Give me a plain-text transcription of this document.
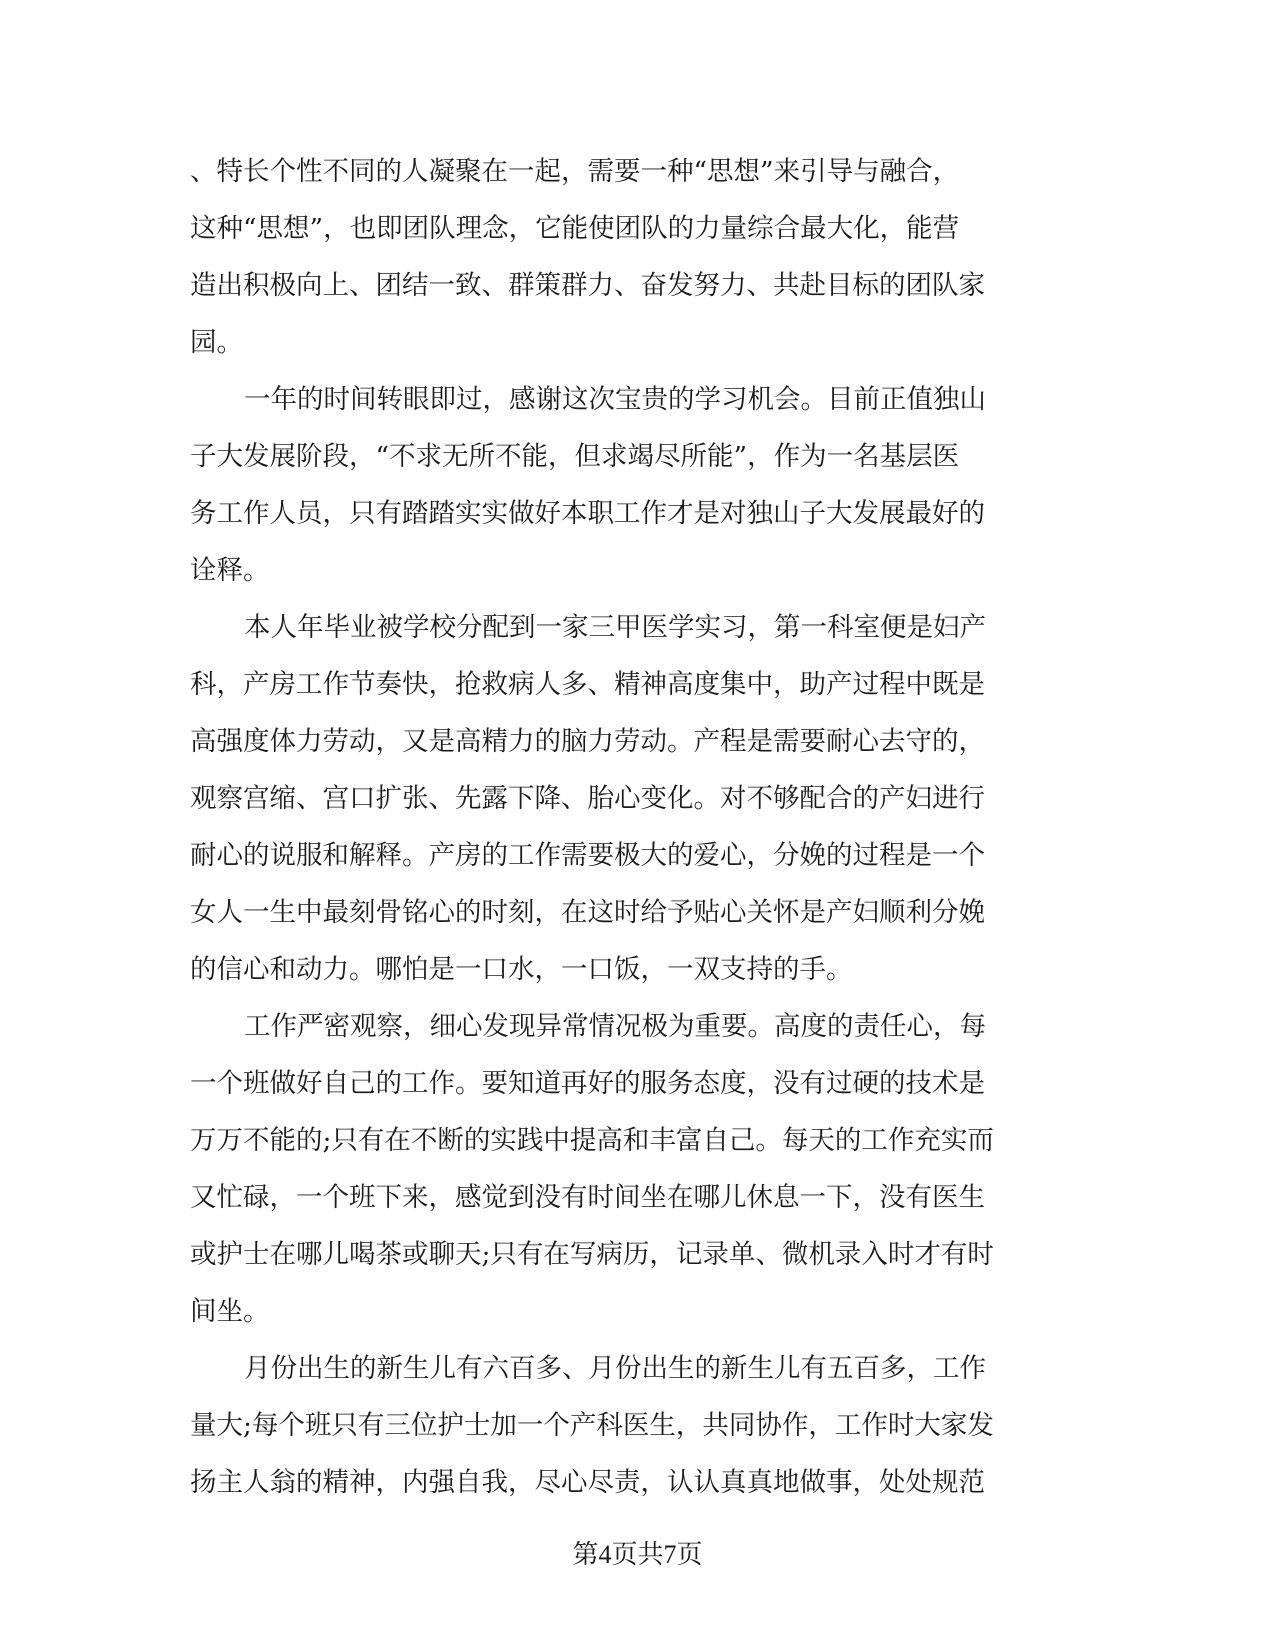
、特长个性不同的人凝聚在一起，需要一种“思想”来引导与融合，
这种“思想”，也即团队理念，它能使团队的力量综合最大化，能营
造出积极向上、团结一致、群策群力、奋发努力、共赴目标的团队家
园。
一年的时间转眼即过，感谢这次宝贵的学习机会。目前正值独山
子大发展阶段，“不求无所不能，但求竭尽所能”，作为一名基层医
务工作人员，只有踏踏实实做好本职工作才是对独山子大发展最好的
诠释。
本人年毕业被学校分配到一家三甲医学实习，第一科室便是妇产
科，产房工作节奏快，抢救病人多、精神高度集中，助产过程中既是
高强度体力劳动，又是高精力的脑力劳动。产程是需要耐心去守的，
观察宫缩、宫口扩张、先露下降、胎心变化。对不够配合的产妇进行
耐心的说服和解释。产房的工作需要极大的爱心，分娩的过程是一个
女人一生中最刻骨铭心的时刻，在这时给予贴心关怀是产妇顺利分娩
的信心和动力。哪怕是一口水，一口饭，一双支持的手。
工作严密观察，细心发现异常情况极为重要。高度的责任心，每
一个班做好自己的工作。要知道再好的服务态度，没有过硬的技术是
万万不能的;只有在不断的实践中提高和丰富自己。每天的工作充实而
又忙碌，一个班下来，感觉到没有时间坐在哪儿休息一下，没有医生
或护士在哪儿喝茶或聊天;只有在写病历，记录单、微机录入时才有时
间坐。
月份出生的新生儿有六百多、月份出生的新生儿有五百多，工作
量大;每个班只有三位护士加一个产科医生，共同协作，工作时大家发
扬主人翁的精神，内强自我，尽心尽责，认认真真地做事，处处规范
第4页共7页
